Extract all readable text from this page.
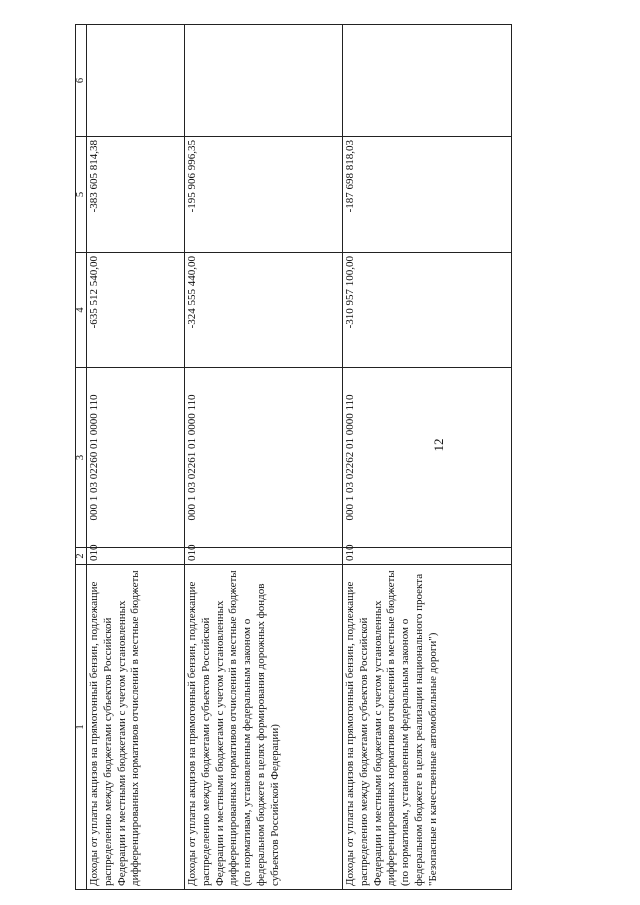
12
1	2	3	4	5	6
Доходы от уплаты акцизов на прямогонный бензин, подлежащие распределению между бюджетами субъектов Российской Федерации и местными бюджетами с учетом установленных дифференцированных нормативов отчислений в местные бюджеты	010	000 1 03 02260 01 0000 110	-635 512 540,00	-383 605 814,38	
Доходы от уплаты акцизов на прямогонный бензин, подлежащие распределению между бюджетами субъектов Российской Федерации и местными бюджетами с учетом установленных дифференцированных нормативов отчислений в местные бюджеты (по нормативам, установленным федеральным законом о федеральном бюджете в целях формирования дорожных фондов субъектов Российской Федерации)	010	000 1 03 02261 01 0000 110	-324 555 440,00	-195 906 996,35	
Доходы от уплаты акцизов на прямогонный бензин, подлежащие распределению между бюджетами субъектов Российской Федерации и местными бюджетами с учетом установленных дифференцированных нормативов отчислений в местные бюджеты (по нормативам, установленным федеральным законом о федеральном бюджете в целях реализации национального проекта "Безопасные и качественные автомобильные дороги")	010	000 1 03 02262 01 0000 110	-310 957 100,00	-187 698 818,03	
